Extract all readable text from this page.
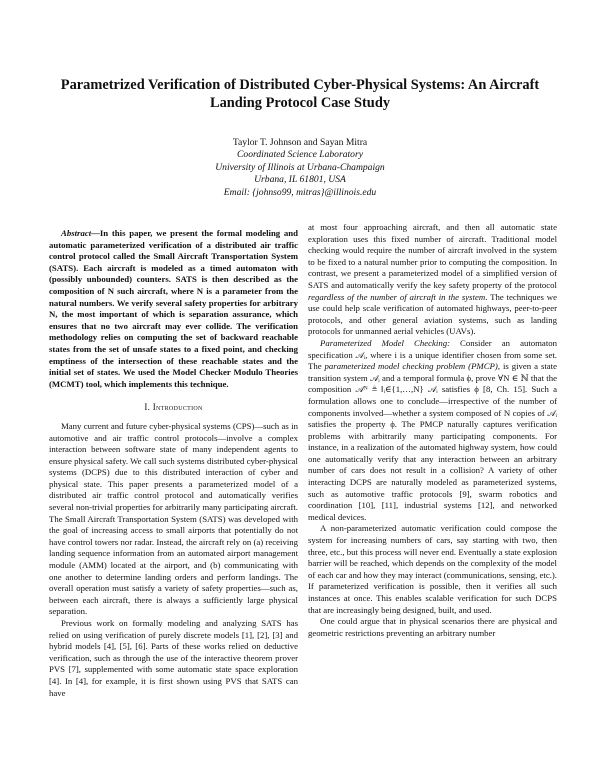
Parametrized Verification of Distributed Cyber-Physical Systems: An Aircraft Landing Protocol Case Study
Taylor T. Johnson and Sayan Mitra
Coordinated Science Laboratory
University of Illinois at Urbana-Champaign
Urbana, IL 61801, USA
Email: {johnso99, mitras}@illinois.edu

Abstract—In this paper, we present the formal modeling and automatic parameterized verification of a distributed air traffic control protocol called the Small Aircraft Transportation System (SATS). Each aircraft is modeled as a timed automaton with (possibly unbounded) counters. SATS is then described as the composition of N such aircraft, where N is a parameter from the natural numbers. We verify several safety properties for arbitrary N, the most important of which is separation assurance, which ensures that no two aircraft may ever collide. The verification methodology relies on computing the set of backward reachable states from the set of unsafe states to a fixed point, and checking emptiness of the intersection of these reachable states and the initial set of states. We used the Model Checker Modulo Theories (MCMT) tool, which implements this technique.

I. Introduction

Many current and future cyber-physical systems (CPS)—such as in automotive and air traffic control protocols—involve a complex interaction between software state of many independent agents to ensure physical safety. We call such systems distributed cyber-physical systems (DCPS) due to this distributed interaction of cyber and physical state. This paper presents a parameterized model of a distributed air traffic control protocol and automatically verifies several non-trivial properties for arbitrarily many participating aircraft. The Small Aircraft Transportation System (SATS) was developed with the goal of increasing access to small airports that potentially do not have control towers nor radar. Instead, the aircraft rely on (a) receiving landing sequence information from an automated airport management module (AMM) located at the airport, and (b) communicating with one another to determine landing orders and perform landings. The overall operation must satisfy a variety of safety properties—such as, between each aircraft, there is always a sufficiently large physical separation.

Previous work on formally modeling and analyzing SATS has relied on using verification of purely discrete models [1], [2], [3] and hybrid models [4], [5], [6]. Parts of these works relied on deductive verification, such as through the use of the interactive theorem prover PVS [7], supplemented with some automatic state space exploration [4]. In [4], for example, it is first shown using PVS that SATS can have

at most four approaching aircraft, and then all automatic state exploration uses this fixed number of aircraft. Traditional model checking would require the number of aircraft involved in the system to be fixed to a natural number prior to computing the composition. In contrast, we present a parameterized model of a simplified version of SATS and automatically verify the key safety property of the protocol regardless of the number of aircraft in the system. The techniques we use could help scale verification of automated highways, peer-to-peer protocols, and other general aviation systems, such as landing protocols for unmanned aerial vehicles (UAVs).

Parameterized Model Checking: Consider an automaton specification 𝒜ᵢ, where i is a unique identifier chosen from some set. The parameterized model checking problem (PMCP), is given a state transition system 𝒜ᵢ and a temporal formula ϕ, prove ∀N ∈ ℕ that the composition 𝒜ᴺ ≜ ‖ᵢ∈{1,…,N} 𝒜ᵢ satisfies ϕ [8, Ch. 15]. Such a formulation allows one to conclude—irrespective of the number of components involved—whether a system composed of N copies of 𝒜ᵢ satisfies the property ϕ. The PMCP naturally captures verification problems with arbitrarily many participating components. For instance, in a realization of the automated highway system, how could one automatically verify that any interaction between an arbitrary number of cars does not result in a collision? A variety of other interacting DCPS are naturally modeled as parameterized systems, such as automotive traffic protocols [9], swarm robotics and coordination [10], [11], industrial systems [12], and networked medical devices.

A non-parameterized automatic verification could compose the system for increasing numbers of cars, say starting with two, then three, etc., but this process will never end. Eventually a state explosion barrier will be reached, which depends on the complexity of the model of each car and how they may interact (communications, sensing, etc.). If parameterized verification is possible, then it verifies all such instances at once. This enables scalable verification for such DCPS that are increasingly being designed, built, and used.

One could argue that in physical scenarios there are physical and geometric restrictions preventing an arbitrary number
